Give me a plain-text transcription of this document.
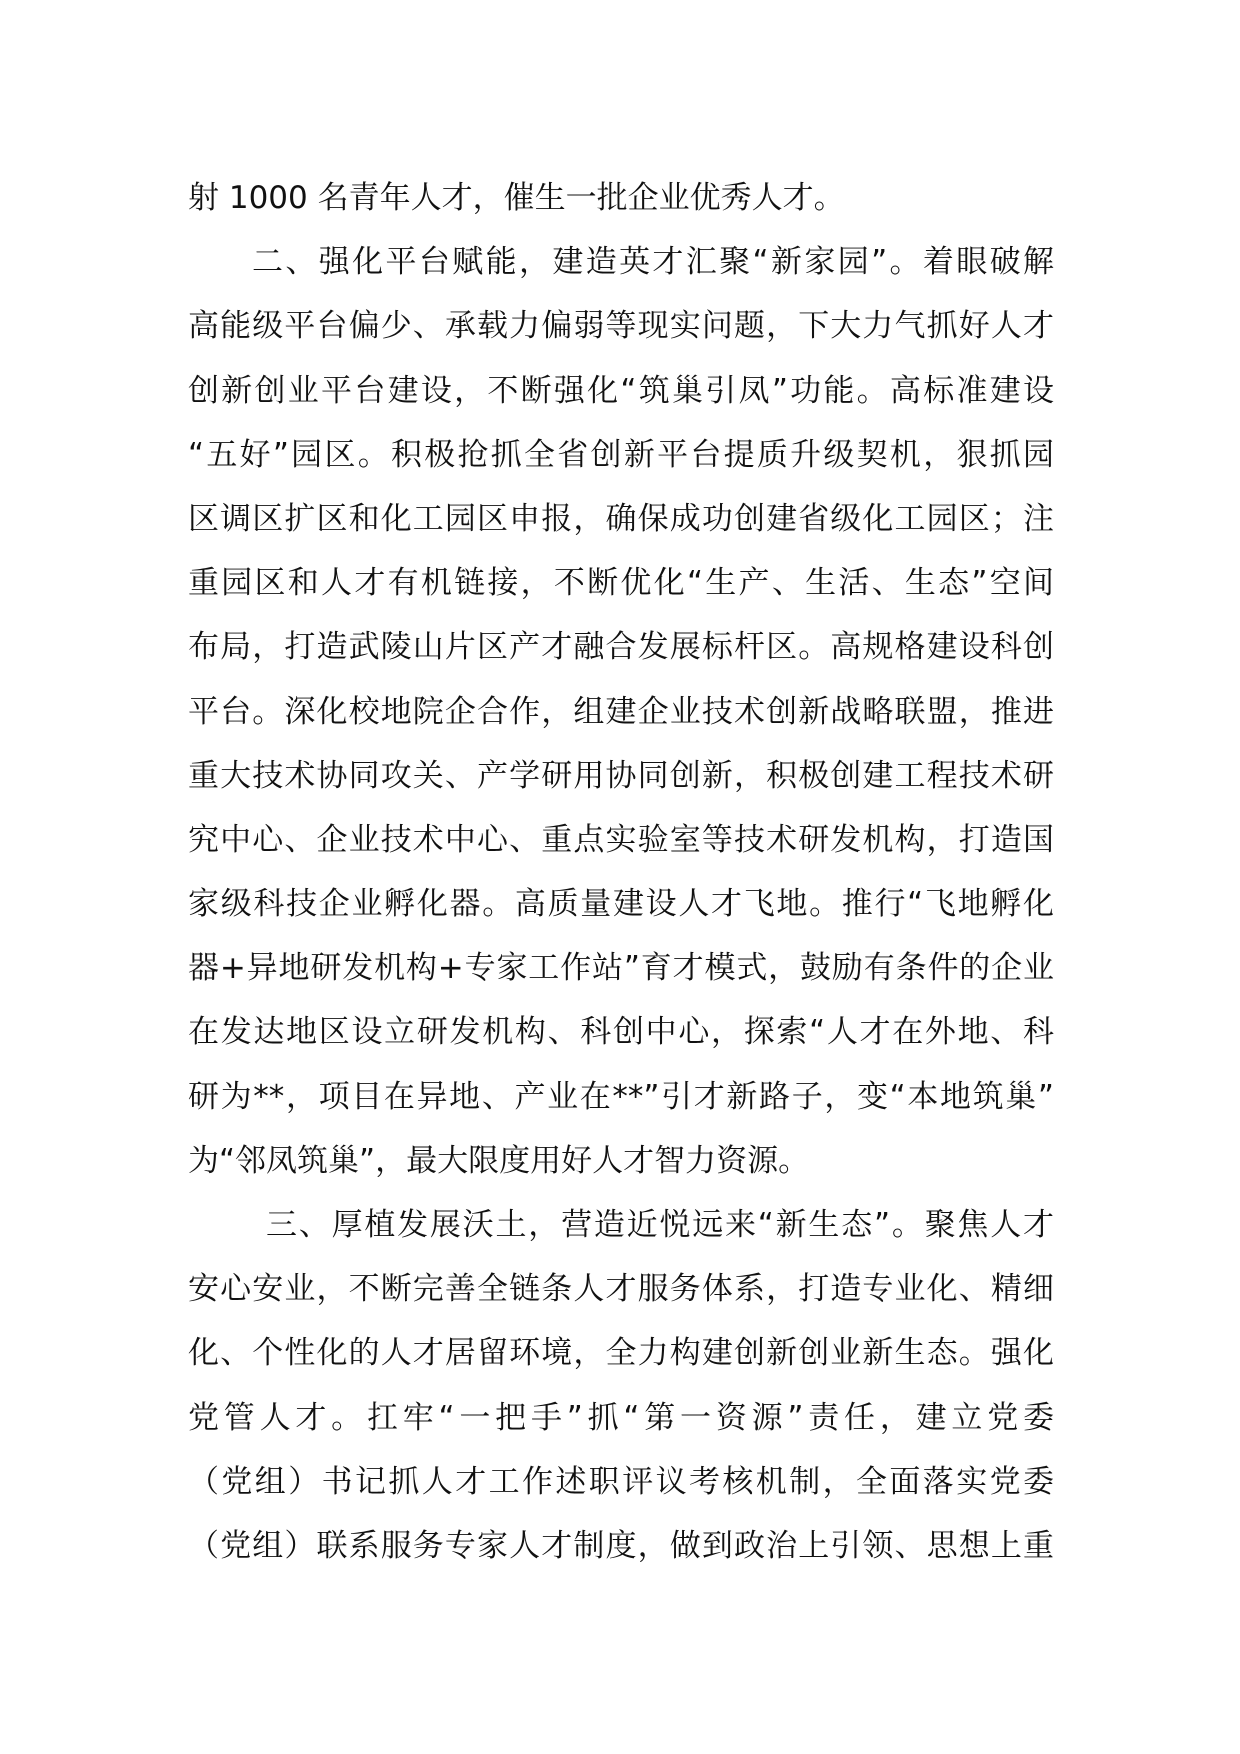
射 1000 名青年人才，催生一批企业优秀人才。
二、强化平台赋能，建造英才汇聚“新家园”。着眼破解
高能级平台偏少、承载力偏弱等现实问题，下大力气抓好人才
创新创业平台建设，不断强化“筑巢引凤”功能。高标准建设
“五好”园区。积极抢抓全省创新平台提质升级契机，狠抓园
区调区扩区和化工园区申报，确保成功创建省级化工园区；注
重园区和人才有机链接，不断优化“生产、生活、生态”空间
布局，打造武陵山片区产才融合发展标杆区。高规格建设科创
平台。深化校地院企合作，组建企业技术创新战略联盟，推进
重大技术协同攻关、产学研用协同创新，积极创建工程技术研
究中心、企业技术中心、重点实验室等技术研发机构，打造国
家级科技企业孵化器。高质量建设人才飞地。推行“飞地孵化
器+异地研发机构+专家工作站”育才模式，鼓励有条件的企业
在发达地区设立研发机构、科创中心，探索“人才在外地、科
研为**，项目在异地、产业在**”引才新路子，变“本地筑巢”
为“邻凤筑巢”，最大限度用好人才智力资源。
三、厚植发展沃土，营造近悦远来“新生态”。聚焦人才
安心安业，不断完善全链条人才服务体系，打造专业化、精细
化、个性化的人才居留环境，全力构建创新创业新生态。强化
党管人才。扛牢“一把手”抓“第一资源”责任，建立党委
（党组）书记抓人才工作述职评议考核机制，全面落实党委
（党组）联系服务专家人才制度，做到政治上引领、思想上重
